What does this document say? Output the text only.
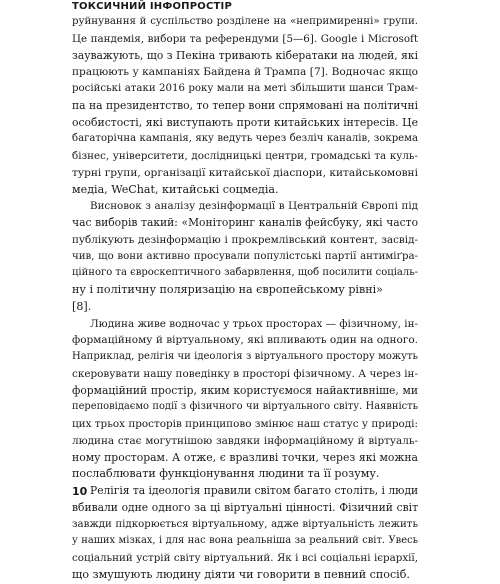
ТОКСИЧНИЙ ІНФОПРОСТІР

руйнування й суспільство розділене на «непримиренні» групи.
Це пандемія, вибори та референдуми [5—6]. Google і Microsoft
зауважують, що з Пекіна тривають кібератаки на людей, які
працюють у кампаніях Байдена й Трампа [7]. Водночас якщо
російські атаки 2016 року мали на меті збільшити шанси Трам-
па на президентство, то тепер вони спрямовані на політичні
особистості, які виступають проти китайських інтересів. Це
багаторічна кампанія, яку ведуть через безліч каналів, зокрема
бізнес, університети, дослідницькі центри, громадські та куль-
турні групи, організації китайської діаспори, китайськомовні
медіа, WeChat, китайські соцмедіа.

Висновок з аналізу дезінформації в Центральній Європі під
час виборів такий: «Моніторинг каналів фейсбуку, які часто
публікують дезінформацію і прокремлівський контент, засвід-
чив, що вони активно просували популістські партії антиміґра-
ційного та євроскептичного забарвлення, щоб посилити соціаль-
ну і політичну поляризацію на європейському рівні»
[8].

Людина живе водночас у трьох просторах — фізичному, ін-
формаційному й віртуальному, які впливають один на одного.
Наприклад, релігія чи ідеологія з віртуального простору можуть
скеровувати нашу поведінку в просторі фізичному. А через ін-
формаційний простір, яким користуємося найактивніше, ми
переповідаємо події з фізичного чи віртуального світу. Наявність
цих трьох просторів принципово змінює наш статус у природі:
людина стає могутнішою завдяки інформаційному й віртуаль-
ному просторам. А отже, є вразливі точки, через які можна
послаблювати функціонування людини та її розуму.

Релігія та ідеологія правили світом багато століть, і люди
вбивали одне одного за ці віртуальні цінності. Фізичний світ
завжди підкорюється віртуальному, адже віртуальність лежить
у наших мізках, і для нас вона реальніша за реальний світ. Увесь
соціальний устрій світу віртуальний. Як і всі соціальні ієрархії,
що змушують людину діяти чи говорити в певний спосіб.

10
